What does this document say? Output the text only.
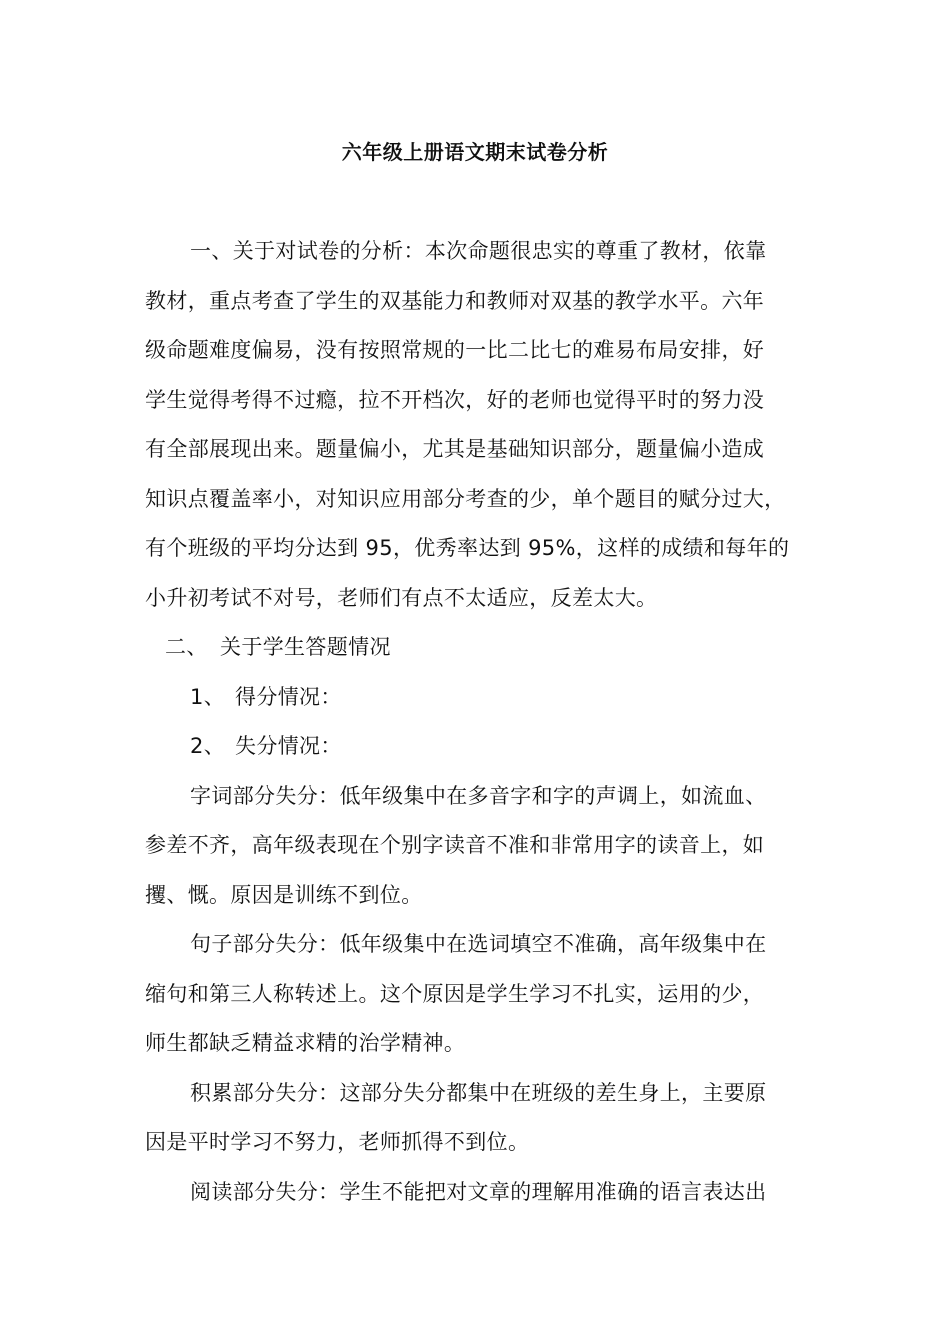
六年级上册语文期末试卷分析
一、关于对试卷的分析：本次命题很忠实的尊重了教材，依靠
教材，重点考查了学生的双基能力和教师对双基的教学水平。六年
级命题难度偏易，没有按照常规的一比二比七的难易布局安排，好
学生觉得考得不过瘾，拉不开档次，好的老师也觉得平时的努力没
有全部展现出来。题量偏小，尤其是基础知识部分，题量偏小造成
知识点覆盖率小，对知识应用部分考查的少，单个题目的赋分过大，
有个班级的平均分达到 95，优秀率达到 95%，这样的成绩和每年的
小升初考试不对号，老师们有点不太适应，反差太大。
二、 关于学生答题情况
1、 得分情况：
2、 失分情况：
字词部分失分：低年级集中在多音字和字的声调上，如流血、
参差不齐，高年级表现在个别字读音不准和非常用字的读音上，如
攫、慨。原因是训练不到位。
句子部分失分：低年级集中在选词填空不准确，高年级集中在
缩句和第三人称转述上。这个原因是学生学习不扎实，运用的少，
师生都缺乏精益求精的治学精神。
积累部分失分：这部分失分都集中在班级的差生身上，主要原
因是平时学习不努力，老师抓得不到位。
阅读部分失分：学生不能把对文章的理解用准确的语言表达出
